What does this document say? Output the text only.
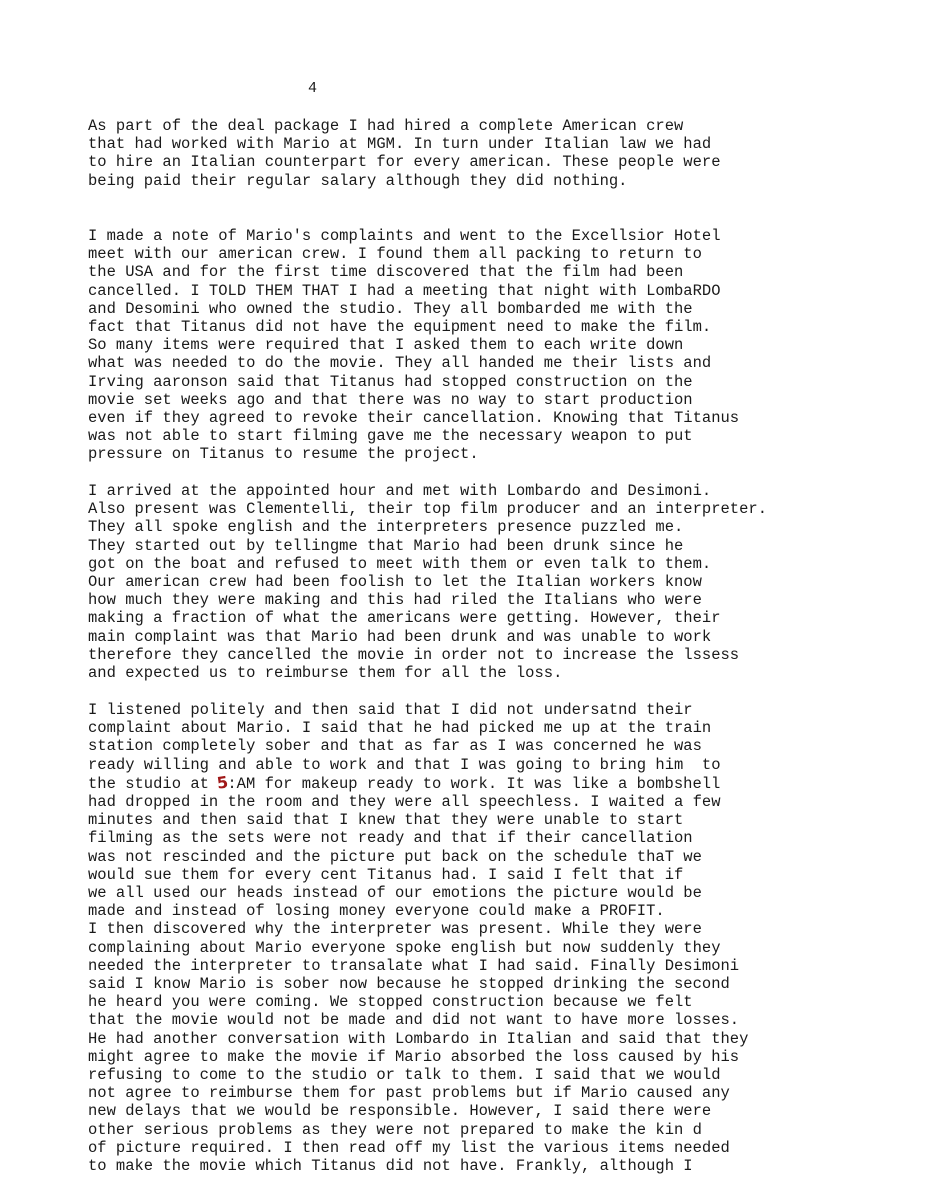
4
As part of the deal package I had hired a complete American crew
that had worked with Mario at MGM. In turn under Italian law we had
to hire an Italian counterpart for every american. These people were
being paid their regular salary although they did nothing.
I made a note of Mario's complaints and went to the Excellsior Hotel
meet with our american crew. I found them all packing to return to
the USA and for the first time discovered that the film had been
cancelled. I TOLD THEM THAT I had a meeting that night with LombaRDO
and Desomini who owned the studio. They all bombarded me with the
fact that Titanus did not have the equipment need to make the film.
So many items were required that I asked them to each write down
what was needed to do the movie. They all handed me their lists and
Irving aaronson said that Titanus had stopped construction on the
movie set weeks ago and that there was no way to start production
even if they agreed to revoke their cancellation. Knowing that Titanus
was not able to start filming gave me the necessary weapon to put
pressure on Titanus to resume the project.
I arrived at the appointed hour and met with Lombardo and Desimoni.
Also present was Clementelli, their top film producer and an interpreter.
They all spoke english and the interpreters presence puzzled me.
They started out by tellingme that Mario had been drunk since he
got on the boat and refused to meet with them or even talk to them.
Our american crew had been foolish to let the Italian workers know
how much they were making and this had riled the Italians who were
making a fraction of what the americans were getting. However, their
main complaint was that Mario had been drunk and was unable to work
therefore they cancelled the movie in order not to increase the lssess
and expected us to reimburse them for all the loss.
I listened politely and then said that I did not undersatnd their
complaint about Mario. I said that he had picked me up at the train
station completely sober and that as far as I was concerned he was
ready willing and able to work and that I was going to bring him  to
the studio at 5:AM for makeup ready to work. It was like a bombshell
had dropped in the room and they were all speechless. I waited a few
minutes and then said that I knew that they were unable to start
filming as the sets were not ready and that if their cancellation
was not rescinded and the picture put back on the schedule thaT we
would sue them for every cent Titanus had. I said I felt that if
we all used our heads instead of our emotions the picture would be
made and instead of losing money everyone could make a PROFIT.
I then discovered why the interpreter was present. While they were
complaining about Mario everyone spoke english but now suddenly they
needed the interpreter to transalate what I had said. Finally Desimoni
said I know Mario is sober now because he stopped drinking the second
he heard you were coming. We stopped construction because we felt
that the movie would not be made and did not want to have more losses.
He had another conversation with Lombardo in Italian and said that they
might agree to make the movie if Mario absorbed the loss caused by his
refusing to come to the studio or talk to them. I said that we would
not agree to reimburse them for past problems but if Mario caused any
new delays that we would be responsible. However, I said there were
other serious problems as they were not prepared to make the kin d
of picture required. I then read off my list the various items needed
to make the movie which Titanus did not have. Frankly, although I
